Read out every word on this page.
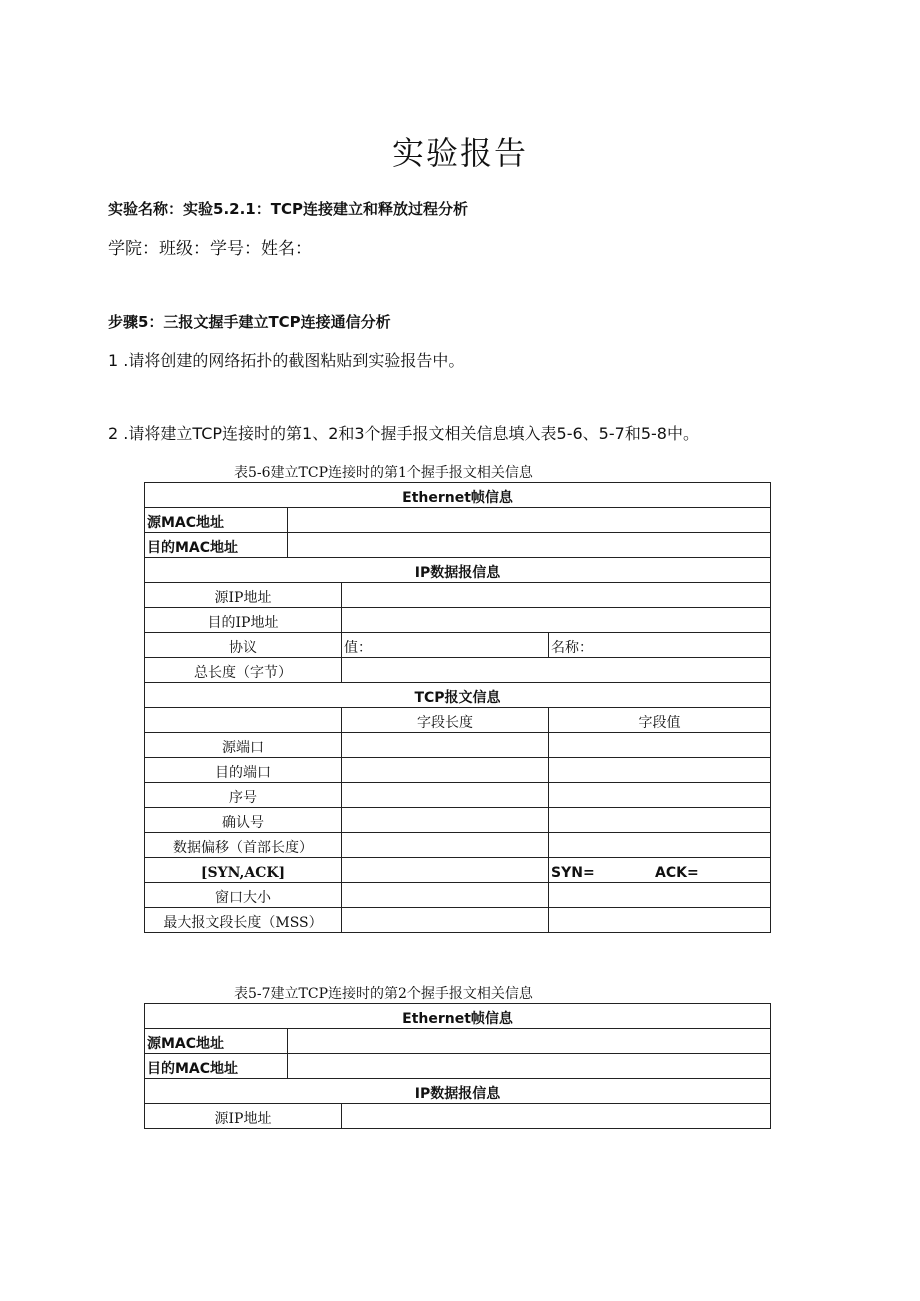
实验报告
实验名称：实验5.2.1：TCP连接建立和释放过程分析
学院：班级：学号：姓名：
步骤5：三报文握手建立TCP连接通信分析
1 .请将创建的网络拓扑的截图粘贴到实验报告中。
2 .请将建立TCP连接时的第1、2和3个握手报文相关信息填入表5-6、5-7和5-8中。
表5-6建立TCP连接时的第1个握手报文相关信息
Ethernet帧信息			
源MAC地址			
目的MAC地址			
IP数据报信息			
源IP地址			
目的IP地址			
协议		值：	名称：
总长度（字节）			
TCP报文信息			
		字段长度	字段值
源端口			
目的端口			
序号			
确认号			
数据偏移（首部长度）			
[SYN,ACK]			SYN= ACK=
窗口大小			
最大报文段长度（MSS）			
表5-7建立TCP连接时的第2个握手报文相关信息
Ethernet帧信息		
源MAC地址		
目的MAC地址		
IP数据报信息		
源IP地址		
